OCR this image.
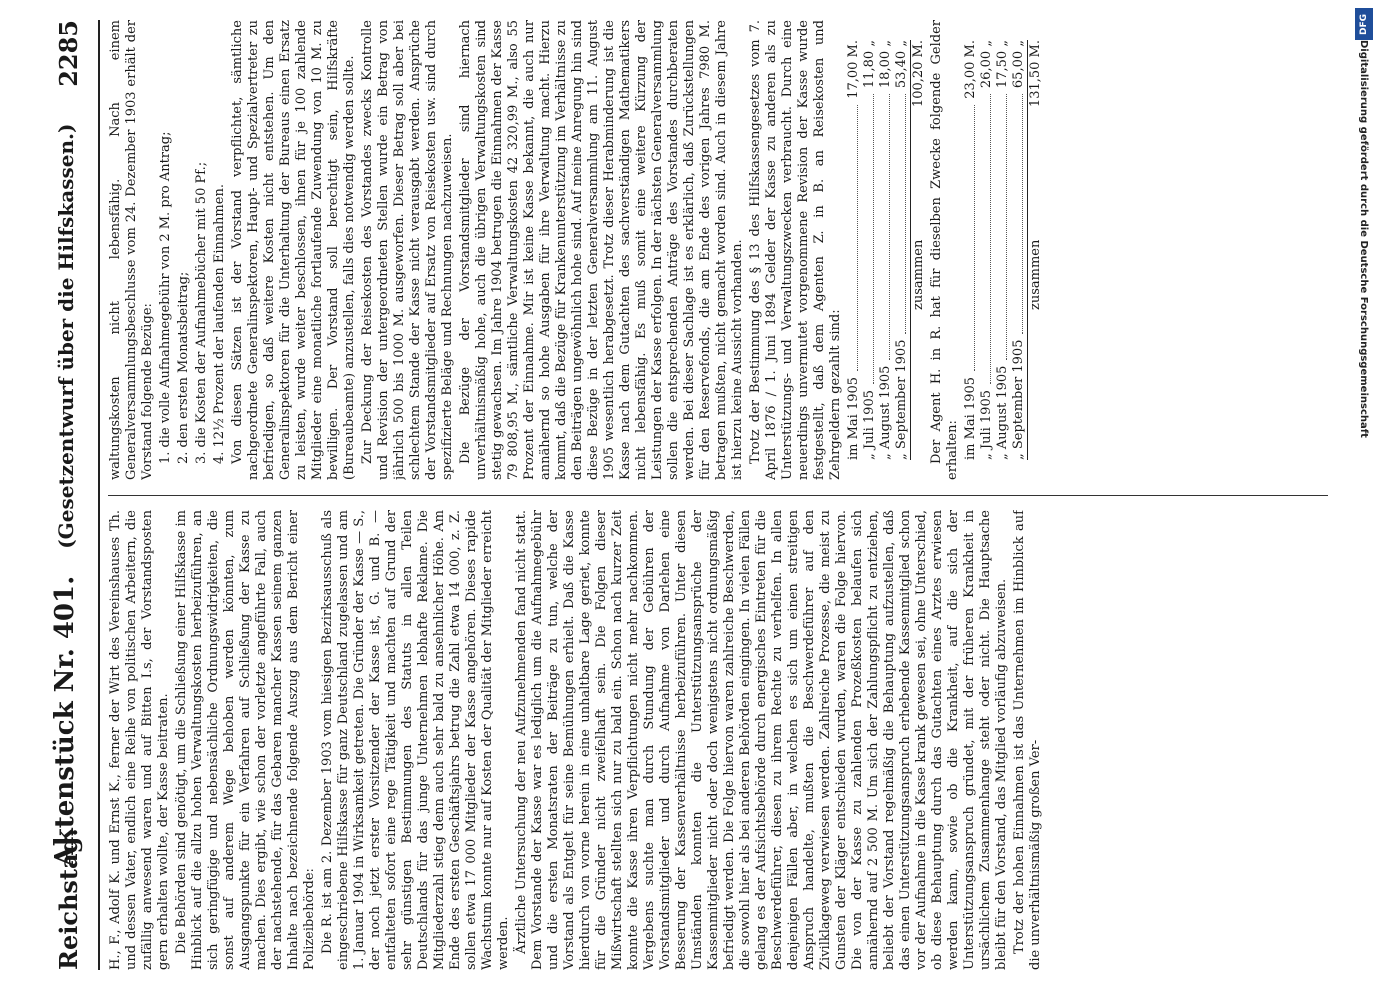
Reichstag.
Aktenstück Nr. 401. (Gesetzentwurf über die Hilfskassen.)
2285

H., F., Adolf K. und Ernst K., ferner der Wirt des Vereinshauses Th. und dessen Vater, endlich eine Reihe von politischen Arbeitern, die zufällig anwesend waren und auf Bitten I.s, der Vorstandsposten gern erhalten wollte, der Kasse beitraten. Die Behörden sind genötigt, um die Schließung einer Hilfskasse im Hinblick auf die allzu hohen Verwaltungskosten herbeizuführen, an sich geringfügige und nebensächliche Ordnungswidrigkeiten, die sonst auf anderem Wege behoben werden könnten, zum Ausgangspunkte für ein Verfahren auf Schließung der Kasse zu machen. Dies ergibt, wie schon der vorletzte angeführte Fall, auch der nachstehende, für das Gebaren mancher Kassen seinem ganzen Inhalte nach bezeichnende folgende Auszug aus dem Bericht einer Polizeibehörde: Die R. ist am 2. Dezember 1903 vom hiesigen Bezirksausschuß als eingeschriebene Hilfskasse für ganz Deutschland zugelassen und am 1. Januar 1904 in Wirksamkeit getreten. Die Gründer der Kasse — S., der noch jetzt erster Vorsitzender der Kasse ist, G. und B. — entfalteten sofort eine rege Tätigkeit und machten auf Grund der sehr günstigen Bestimmungen des Statuts in allen Teilen Deutschlands für das junge Unternehmen lebhafte Reklame. Die Mitgliederzahl stieg denn auch sehr bald zu ansehnlicher Höhe. Am Ende des ersten Geschäftsjahrs betrug die Zahl etwa 14 000, z. Z. sollen etwa 17 000 Mitglieder der Kasse angehören. Dieses rapide Wachstum konnte nur auf Kosten der Qualität der Mitglieder erreicht werden. Ärztliche Untersuchung der neu Aufzunehmenden fand nicht statt. Dem Vorstande der Kasse war es lediglich um die Aufnahmegebühr und die ersten Monatsraten der Beiträge zu tun, welche der Vorstand als Entgelt für seine Bemühungen erhielt. Daß die Kasse hierdurch von vorne herein in eine unhaltbare Lage geriet, konnte für die Gründer nicht zweifelhaft sein. Die Folgen dieser Mißwirtschaft stellten sich nur zu bald ein. Schon nach kurzer Zeit konnte die Kasse ihren Verpflichtungen nicht mehr nachkommen. Vergebens suchte man durch Stundung der Gebühren der Vorstandsmitglieder und durch Aufnahme von Darlehen eine Besserung der Kassenverhältnisse herbeizuführen. Unter diesen Umständen konnten die Unterstützungsansprüche der Kassenmitglieder nicht oder doch wenigstens nicht ordnungsmäßig befriedigt werden. Die Folge hiervon waren zahlreiche Beschwerden, die sowohl hier als bei anderen Behörden eingingen. In vielen Fällen gelang es der Aufsichtsbehörde durch energisches Eintreten für die Beschwerdeführer, diesen zu ihrem Rechte zu verhelfen. In allen denjenigen Fällen aber, in welchen es sich um einen streitigen Anspruch handelte, mußten die Beschwerdeführer auf den Zivilklageweg verwiesen werden. Zahlreiche Prozesse, die meist zu Gunsten der Kläger entschieden wurden, waren die Folge hiervon. Die von der Kasse zu zahlenden Prozeßkosten belaufen sich annähernd auf 2 500 M. Um sich der Zahlungspflicht zu entziehen, beliebt der Vorstand regelmäßig die Behauptung aufzustellen, daß das einen Unterstützungsanspruch erhebende Kassenmitglied schon vor der Aufnahme in die Kasse krank gewesen sei, ohne Unterschied, ob diese Behauptung durch das Gutachten eines Arztes erwiesen werden kann, sowie ob die Krankheit, auf die sich der Unterstützungsanspruch gründet, mit der früheren Krankheit in ursächlichem Zusammenhange steht oder nicht. Die Hauptsache bleibt für den Vorstand, das Mitglied vorläufig abzuweisen. Trotz der hohen Einnahmen ist das Unternehmen im Hinblick auf die unverhältnismäßig großen Ver-

waltungskosten nicht lebensfähig. Nach einem Generalversammlungsbeschlusse vom 24. Dezember 1903 erhält der Vorstand folgende Bezüge: 1. die volle Aufnahmegebühr von 2 M. pro Antrag; 2. den ersten Monatsbeitrag; 3. die Kosten der Aufnahmebücher mit 50 Pf.; 4. 12½ Prozent der laufenden Einnahmen. Von diesen Sätzen ist der Vorstand verpflichtet, sämtliche nachgeordnete Generalinspektoren, Haupt- und Spezialvertreter zu befriedigen, so daß weitere Kosten nicht entstehen. Um den Generalinspektoren für die Unterhaltung der Bureaus einen Ersatz zu leisten, wurde weiter beschlossen, ihnen für je 100 zahlende Mitglieder eine monatliche fortlaufende Zuwendung von 10 M. zu bewilligen. Der Vorstand soll berechtigt sein, Hilfskräfte (Bureaubeamte) anzustellen, falls dies notwendig werden sollte. Zur Deckung der Reisekosten des Vorstandes zwecks Kontrolle und Revision der untergeordneten Stellen wurde ein Betrag von jährlich 500 bis 1000 M. ausgeworfen. Dieser Betrag soll aber bei schlechtem Stande der Kasse nicht verausgabt werden. Ansprüche der Vorstandsmitglieder auf Ersatz von Reisekosten usw. sind durch spezifizierte Beläge und Rechnungen nachzuweisen. Die Bezüge der Vorstandsmitglieder sind hiernach unverhältnismäßig hohe, auch die übrigen Verwaltungskosten sind stetig gewachsen. Im Jahre 1904 betrugen die Einnahmen der Kasse 79 808,95 M., sämtliche Verwaltungskosten 42 320,99 M., also 55 Prozent der Einnahme. Mir ist keine Kasse bekannt, die auch nur annähernd so hohe Ausgaben für ihre Verwaltung macht. Hierzu kommt, daß die Bezüge für Krankenunterstützung im Verhältnisse zu den Beiträgen ungewöhnlich hohe sind. Auf meine Anregung hin sind diese Bezüge in der letzten Generalversammlung am 11. August 1905 wesentlich herabgesetzt. Trotz dieser Herabminderung ist die Kasse nach dem Gutachten des sachverständigen Mathematikers nicht lebensfähig. Es muß somit eine weitere Kürzung der Leistungen der Kasse erfolgen. In der nächsten Generalversammlung sollen die entsprechenden Anträge des Vorstandes durchberaten werden. Bei dieser Sachlage ist es erklärlich, daß Zurückstellungen für den Reservefonds, die am Ende des vorigen Jahres 7980 M. betragen mußten, nicht gemacht worden sind. Auch in diesem Jahre ist hierzu keine Aussicht vorhanden. Trotz der Bestimmung des § 13 des Hilfskassengesetzes vom 7. April 1876 / 1. Juni 1894 Gelder der Kasse zu anderen als zu Unterstützungs- und Verwaltungszwecken verbraucht. Durch eine neuerdings unvermutet vorgenommene Revision der Kasse wurde festgestellt, daß dem Agenten Z. in B. an Reisekosten und Zehrgeldern gezahlt sind: im Mai 1905
17,00 M.
„ Juli 1905
11,80 „
„ August 1905
18,00 „
„ September 1905
53,40 „
zusammen
100,20 M. Der Agent H. in R. hat für dieselben Zwecke folgende Gelder erhalten: im Mai 1905
23,00 M.
„ Juli 1905
26,00 „
„ August 1905
17,50 „
„ September 1905
65,00 „
zusammen
131,50 M.
DFG
Digitalisierung gefördert durch die Deutsche Forschungsgemeinschaft
